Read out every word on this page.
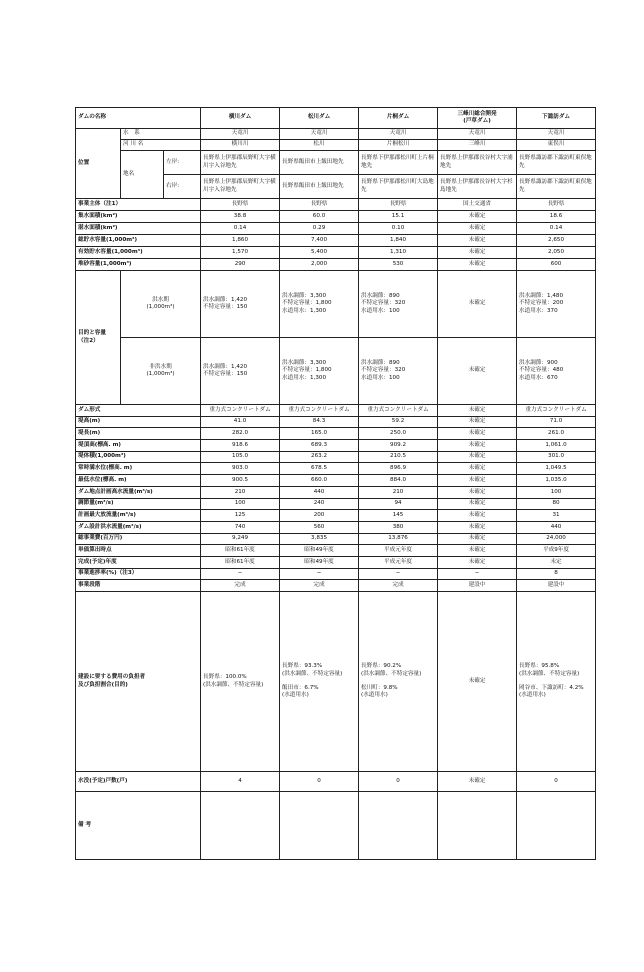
ダムの名称			横川ダム	松川ダム	片桐ダム	三峰川総合開発
(戸草ダム)	下諏訪ダム
位置	水　系		天竜川	天竜川	天竜川	天竜川	天竜川
	河 川 名		横川川	松川	片桐松川	三峰川	東俣川
	地名	左岸:	長野県上伊那郡辰野町大字横川字入谷地先	長野県飯田市上飯田地先	長野県下伊那郡松川町上片桐地先	長野県上伊那郡長谷村大字浦地先	長野県諏訪郡下諏訪町東俣地先
		右岸:	長野県上伊那郡辰野町大字横川字入谷地先	長野県飯田市上飯田地先	長野県下伊那郡松川町大島地先	長野県上伊那郡長谷村大字杉島地先	長野県諏訪郡下諏訪町東俣地先
事業主体（注1）			長野県	長野県	長野県	国土交通省	長野県
集水面積(km²)			38.8	60.0	15.1	未確定	18.6
湛水面積(km²)			0.14	0.29	0.10	未確定	0.14
総貯水容量(1,000m³)			1,860	7,400	1,840	未確定	2,650
有効貯水容量(1,000m³)			1,570	5,400	1,310	未確定	2,050
堆砂容量(1,000m³)			290	2,000	530	未確定	600
目的と容量 （注2）	洪水期
(1,000m³)		洪水調節：1,420
不特定容量：150	洪水調節：3,300
不特定容量：1,800
水道用水：1,300	洪水調節：890
不特定容量：320
水道用水：100	未確定	洪水調節：1,480
不特定容量：200
水道用水：370
	非洪水期
(1,000m³)		洪水調節：1,420
不特定容量：150	洪水調節：3,300
不特定容量：1,800
水道用水：1,300	洪水調節：890
不特定容量：320
水道用水：100	未確定	洪水調節：900
不特定容量：480
水道用水：670
ダム形式			重力式コンクリートダム	重力式コンクリートダム	重力式コンクリートダム	未確定	重力式コンクリートダム
堤高(m)			41.0	84.3	59.2	未確定	71.0
堤長(m)			282.0	165.0	250.0	未確定	261.0
堤頂高(標高. m)			918.6	689.3	909.2	未確定	1,061.0
堤体積(1,000m³)			105.0	263.2	210.5	未確定	301.0
常時満水位(標高. m)			903.0	678.5	896.9	未確定	1,049.5
最低水位(標高. m)			900.5	660.0	884.0	未確定	1,035.0
ダム地点計画高水流量(m³/s)			210	440	210	未確定	100
調節量(m³/s)			100	240	94	未確定	80
計画最大放流量(m³/s)			125	200	145	未確定	31
ダム設計洪水流量(m³/s)			740	560	380	未確定	440
総事業費(百万円)			9,249	3,835	13,876	未確定	24,000
単価算出時点			昭和61年度	昭和49年度	平成元年度	未確定	平成9年度
完成(予定)年度			昭和61年度	昭和49年度	平成元年度	未確定	未定
事業進捗率(%)（注3）			−	−	−	−	8
事業段階			完成	完成	完成	建設中	建設中
建設に要する費用の負担者
及び負担割合(目的)			長野県：100.0%
(洪水調節、不特定容量)	長野県：93.3%
(洪水調節、不特定容量)

飯田市：6.7%
(水道用水)	長野県：90.2%
(洪水調節、不特定容量)

松川町：9.8%
(水道用水)	未確定	長野県：95.8%
(洪水調節、不特定容量)

岡谷市、下諏訪町：4.2%
(水道用水)
水没(予定)戸数(戸)			4	0	0	未確定	0
備 考							
